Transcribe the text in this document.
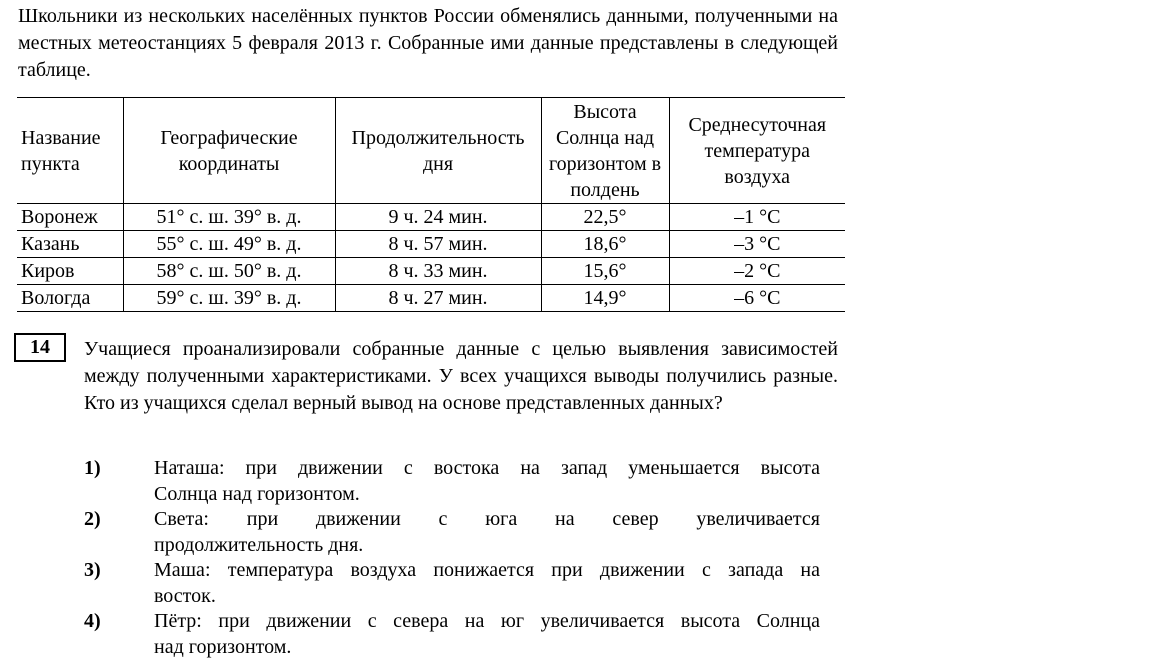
Школьники из нескольких населённых пунктов России обменялись данными, полученными на местных метеостанциях 5 февраля 2013 г. Собранные ими данные представлены в следующей таблице.

Название пункта	Географические координаты	Продолжительность дня	Высота Солнца над горизонтом в полдень	Среднесуточная температура воздуха
Воронеж	51° с. ш. 39° в. д.	9 ч. 24 мин.	22,5°	–1 °С
Казань	55° с. ш. 49° в. д.	8 ч. 57 мин.	18,6°	–3 °С
Киров	58° с. ш. 50° в. д.	8 ч. 33 мин.	15,6°	–2 °С
Вологда	59° с. ш. 39° в. д.	8 ч. 27 мин.	14,9°	–6 °С
14	Учащиеся проанализировали собранные данные с целью выявления зависимостей между полученными характеристиками. У всех учащихся выводы получились разные. Кто из учащихся сделал верный вывод на основе представленных данных?

1)	Наташа: при движении с востока на запад уменьшается высота
Солнца над горизонтом.
2)	Света: при движении с юга на север увеличивается
продолжительность дня.
3)	Маша: температура воздуха понижается при движении с запада на
восток.
4)	Пётр: при движении с севера на юг увеличивается высота Солнца
над горизонтом.
